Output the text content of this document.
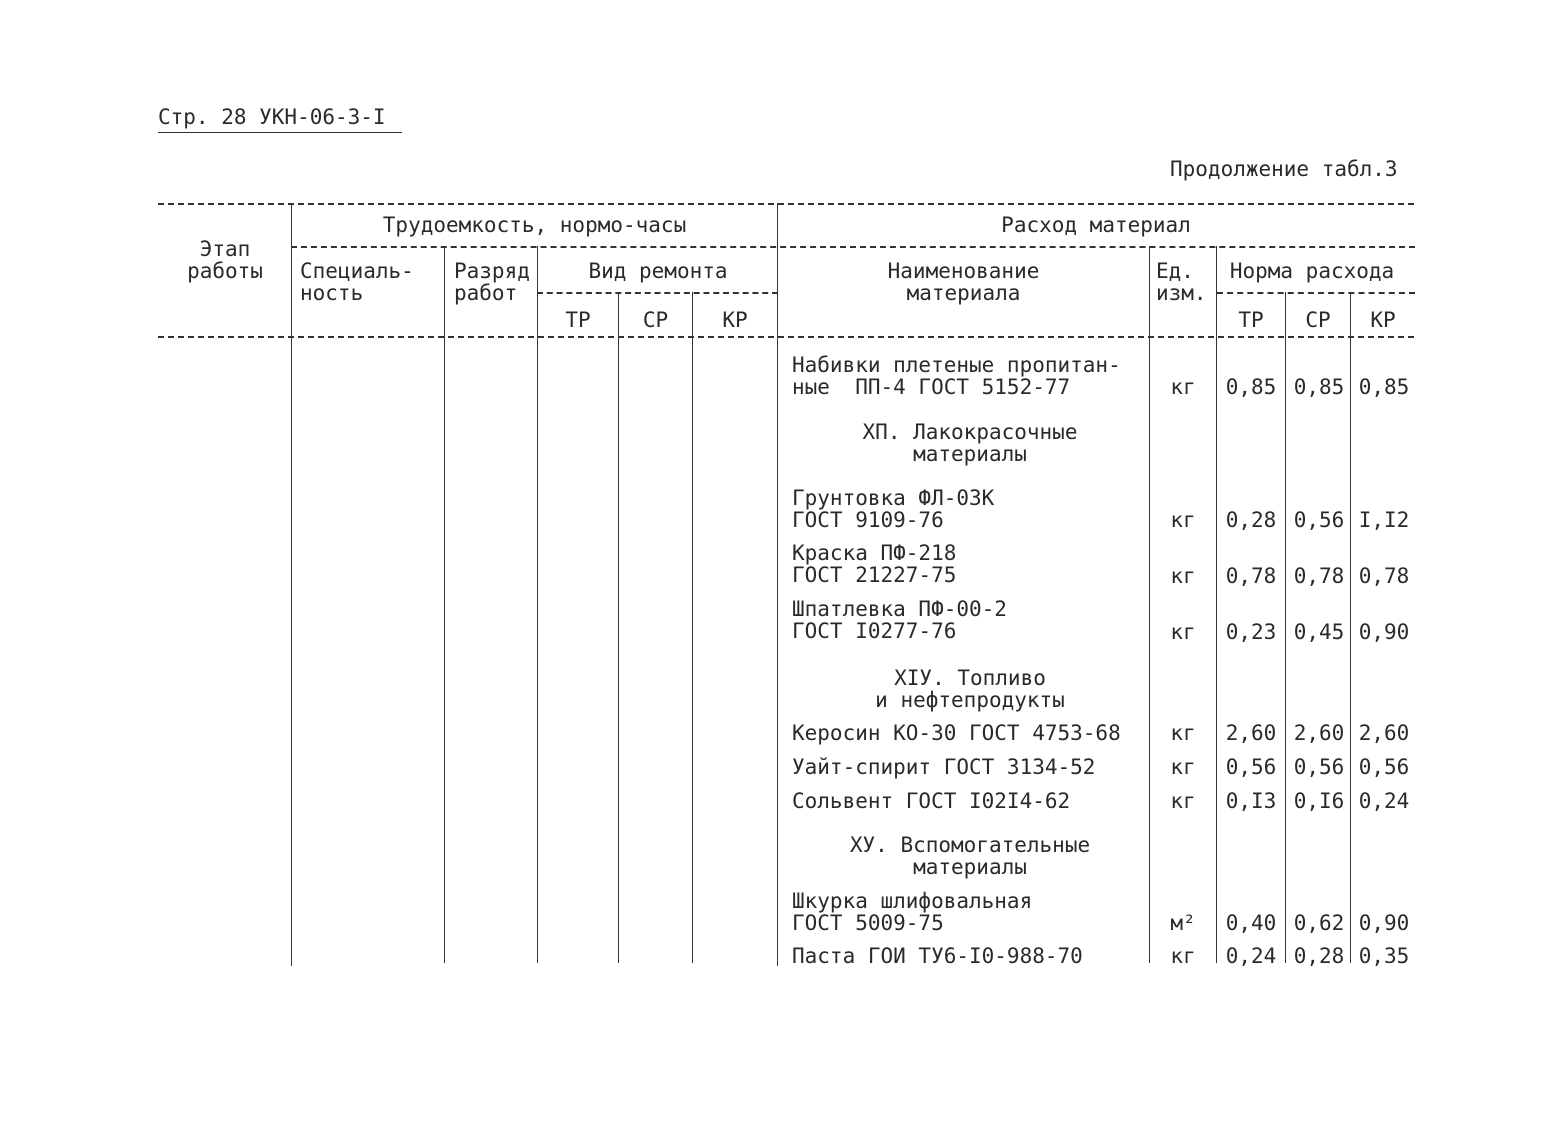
Стр. 28 УКН-06-3-I
Продолжение табл.3
Этап
работы
Трудоемкость, нормо-часы
Специаль-
ность
Разряд
работ
Вид ремонта
ТР	СР	КР
Расход материал
Наименование
материала
Ед.
изм.
Норма расхода
ТР	СР	КР
Набивки плетеные пропитан-
ные  ПП-4 ГОСТ 5152-77	кг	0,85 0,85 0,85
ХП. Лакокрасочные
материалы
Грунтовка ФЛ-03К
ГОСТ 9109-76	кг	0,28 0,56 I,I2
Краска ПФ-218
ГОСТ 21227-75	кг	0,78 0,78 0,78
Шпатлевка ПФ-00-2
ГОСТ I0277-76	кг	0,23 0,45 0,90
ХIУ. Топливо
и нефтепродукты
Керосин КО-30 ГОСТ 4753-68	кг	2,60 2,60 2,60
Уайт-спирит ГОСТ 3134-52	кг	0,56 0,56 0,56
Сольвент ГОСТ I02I4-62	кг	0,I3 0,I6 0,24
ХУ. Вспомогательные
материалы
Шкурка шлифовальная
ГОСТ 5009-75	м²	0,40 0,62 0,90
Паста ГОИ ТУ6-I0-988-70	кг	0,24 0,28 0,35
